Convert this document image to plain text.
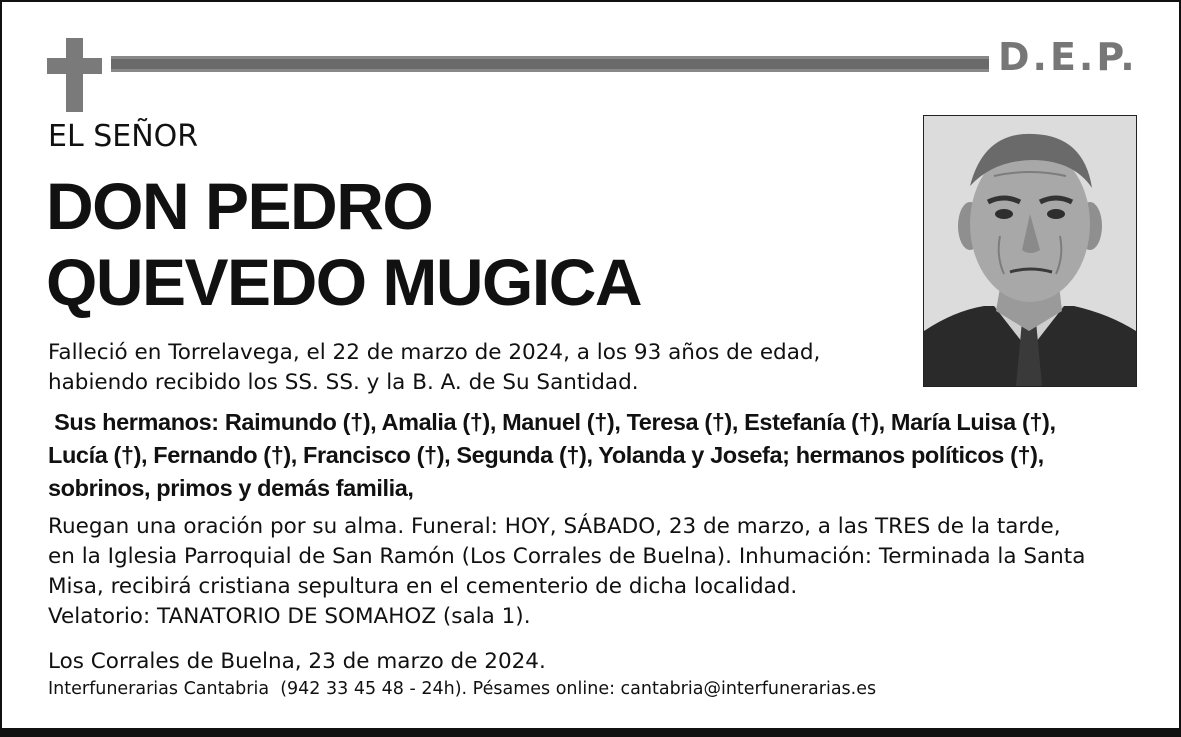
D.E.P.
EL SEÑOR
DON PEDRO
QUEVEDO MUGICA
Falleció en Torrelavega, el 22 de marzo de 2024, a los 93 años de edad,
habiendo recibido los SS. SS. y la B. A. de Su Santidad.
Sus hermanos: Raimundo (†), Amalia (†), Manuel (†), Teresa (†), Estefanía (†), María Luisa (†),
Lucía (†), Fernando (†), Francisco (†), Segunda (†), Yolanda y Josefa; hermanos políticos (†),
sobrinos, primos y demás familia,
Ruegan una oración por su alma. Funeral: HOY, SÁBADO, 23 de marzo, a las TRES de la tarde,
en la Iglesia Parroquial de San Ramón (Los Corrales de Buelna). Inhumación: Terminada la Santa
Misa, recibirá cristiana sepultura en el cementerio de dicha localidad.
Velatorio: TANATORIO DE SOMAHOZ (sala 1).
Los Corrales de Buelna, 23 de marzo de 2024.
Interfunerarias Cantabria  (942 33 45 48 - 24h). Pésames online: cantabria@interfunerarias.es
